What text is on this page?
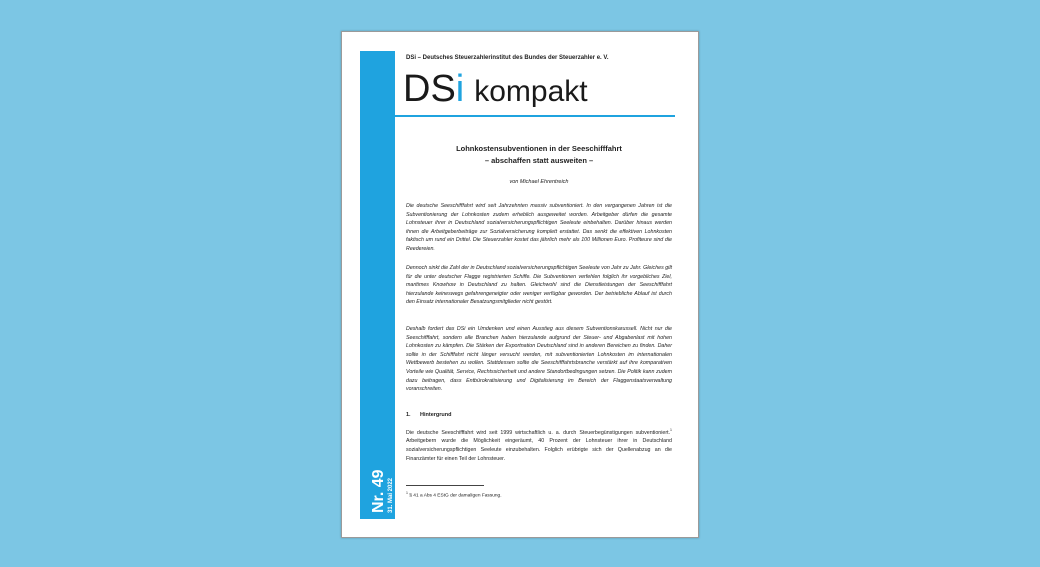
Nr. 49 31. Mai 2022
DSi – Deutsches Steuerzahlerinstitut des Bundes der Steuerzahler e. V.
DSi kompakt
Lohnkostensubventionen in der Seeschifffahrt
– abschaffen statt ausweiten –
von Michael Ehrentreich
Die deutsche Seeschifffahrt wird seit Jahrzehnten massiv subventioniert. In den vergangenen Jahren ist die Subventionierung der Lohnkosten zudem erheblich ausgeweitet worden. Arbeitgeber dürfen die gesamte Lohnsteuer ihrer in Deutschland sozialversicherungspflichtigen Seeleute einbehalten. Darüber hinaus werden ihnen die Arbeitgeberbeiträge zur Sozialversicherung komplett erstattet. Das senkt die effektiven Lohnkosten faktisch um rund ein Drittel. Die Steuerzahler kostet das jährlich mehr als 100 Millionen Euro. Profiteure sind die Reedereien.
Dennoch sinkt die Zahl der in Deutschland sozialversicherungspflichtigen Seeleute von Jahr zu Jahr. Gleiches gilt für die unter deutscher Flagge registrierten Schiffe. Die Subventionen verfehlen folglich ihr vorgebliches Ziel, maritimes Knowhow in Deutschland zu halten. Gleichwohl sind die Dienstleistungen der Seeschifffahrt hierzulande keineswegs gefahrengeneigter oder weniger verfügbar geworden. Der betriebliche Ablauf ist durch den Einsatz internationaler Besatzungsmitglieder nicht gestört.
Deshalb fordert das DSi ein Umdenken und einen Ausstieg aus diesem Subventionskarussell. Nicht nur die Seeschifffahrt, sondern alle Branchen haben hierzulande aufgrund der Steuer- und Abgabenlast mit hohen Lohnkosten zu kämpfen. Die Stärken der Exportnation Deutschland sind in anderen Bereichen zu finden. Daher sollte in der Schifffahrt nicht länger versucht werden, mit subventionierten Lohnkosten im internationalen Wettbewerb bestehen zu wollen. Stattdessen sollte die Seeschifffahrtsbranche verstärkt auf ihre komparativen Vorteile wie Qualität, Service, Rechtssicherheit und andere Standortbedingungen setzen. Die Politik kann zudem dazu beitragen, dass Entbürokratisierung und Digitalisierung im Bereich der Flaggenstaatsverwaltung voranschreiten.
1. Hintergrund
Die deutsche Seeschifffahrt wird seit 1999 wirtschaftlich u. a. durch Steuerbegünstigungen subventioniert.$^1$ Arbeitgebern wurde die Möglichkeit eingeräumt, 40 Prozent der Lohnsteuer ihrer in Deutschland sozialversicherungspflichtigen Seeleute einzubehalten. Folglich erübrigte sich der Quellenabzug an die Finanzämter für einen Teil der Lohnsteuer.
$^1$ § 41 a Abs 4 EStG der damaligen Fassung.
